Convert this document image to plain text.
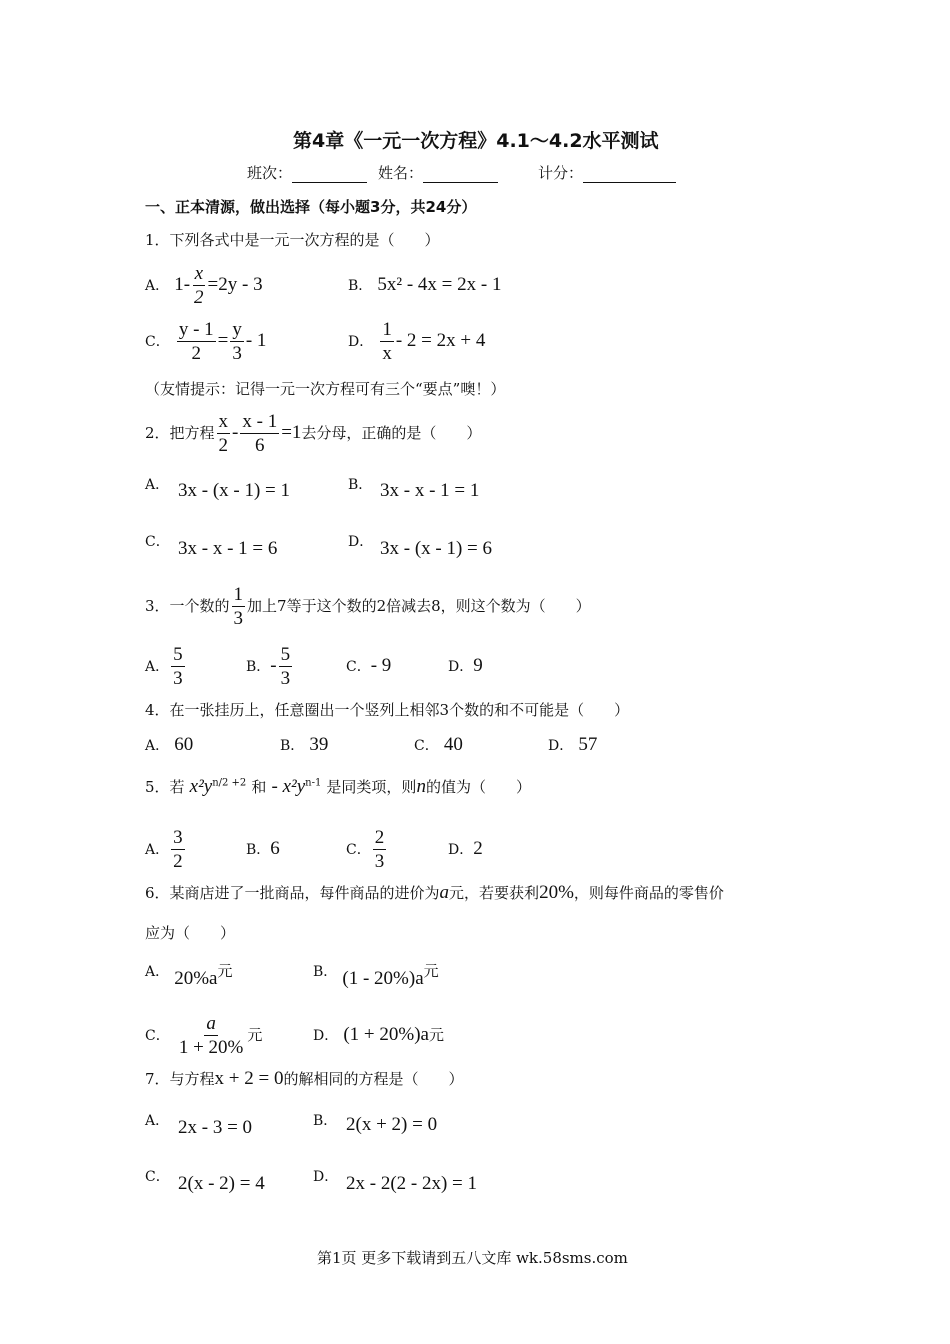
第4章《一元一次方程》4.1～4.2水平测试
班次：	姓名：	计分：
一、正本清源，做出选择（每小题3分，共24分）
1．下列各式中是一元一次方程的是（　　）
A． $1- \frac{x}{2} =2y - 3$	B． 5x² - 4x = 2x - 1
C． $\frac{y - 1}{2} = \frac{y}{3} - 1$	D． $\frac{1}{x} - 2 = 2x + 4$
（友情提示：记得一元一次方程可有三个“要点”噢！）
2．把方程 $\frac{x}{2} - \frac{x - 1}{6} =1$去分母，正确的是（　　）
A． 3x - (x - 1) = 1	B． 3x - x - 1 = 1
C． 3x - x - 1 = 6	D． 3x - (x - 1) = 6
3．一个数的 $\frac{1}{3}$ 加上7等于这个数的2倍减去8，则这个数为（　　）
A． $\frac{5}{3}$	B．- $\frac{5}{3}$	C．- 9	D．9
4．在一张挂历上，任意圈出一个竖列上相邻3个数的和不可能是（　　）
A． 60	B． 39	C． 40	D． 57
5．若 $x^2y^{n/2 +2}$ 和 - $x^2y^{n-1}$ 是同类项，则n的值为（　　）
A． $\frac{3}{2}$	B．6	C． $\frac{2}{3}$	D．2
6．某商店进了一批商品，每件商品的进价为a元，若要获利20%，则每件商品的零售价
应为（　　）
A． 20%a元	B． (1 - 20%)a元
C． $\frac{a}{1 + 20\%}$ 元	D． (1 + 20%)a元
7．与方程x + 2 = 0的解相同的方程是（　　）
A． 2x - 3 = 0	B． 2(x + 2) = 0
C． 2(x - 2) = 4	D． 2x - 2(2 - 2x) = 1
第1页 更多下载请到五八文库 wk.58sms.com
